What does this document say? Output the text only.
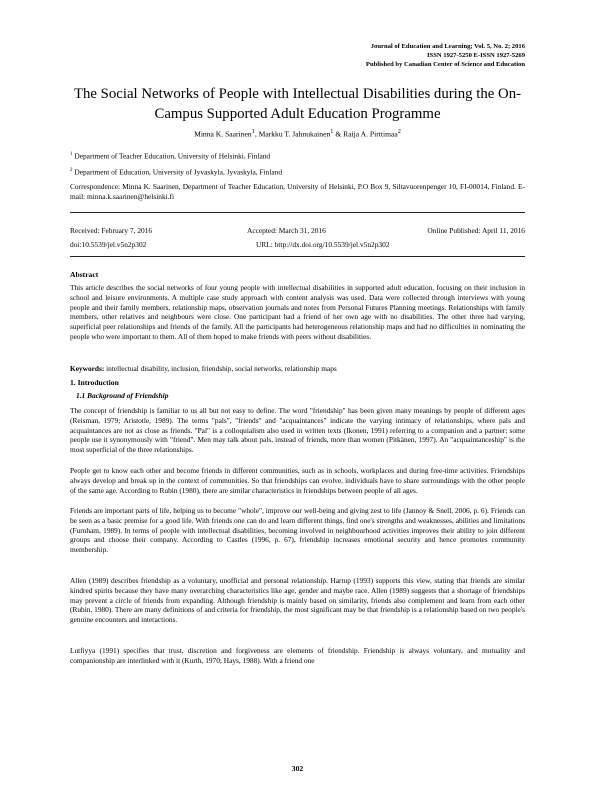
Journal of Education and Learning; Vol. 5, No. 2; 2016
ISSN 1927-5250 E-ISSN 1927-5269
Published by Canadian Center of Science and Education
The Social Networks of People with Intellectual Disabilities during the On-Campus Supported Adult Education Programme
Minna K. Saarinen$^1$, Markku T. Jahnukainen$^1$ & Raija A. Pirttimaa$^2$
$^1$ Department of Teacher Education, University of Helsinki, Finland
$^2$ Department of Education, University of Jyvaskyla, Jyvaskyla, Finland
Correspondence: Minna K. Saarinen, Department of Teacher Education, University of Helsinki, P.O Box 9, Siltavuorenpenger 10, FI-00014, Finland. E-mail: minna.k.saarinen@helsinki.fi
Received: February 7, 2016	Accepted: March 31, 2016	Online Published: April 11, 2016
doi:10.5539/jel.v5n2p302	URL: http://dx.doi.org/10.5539/jel.v5n2p302
Abstract
This article describes the social networks of four young people with intellectual disabilities in supported adult education, focusing on their inclusion in school and leisure environments. A multiple case study approach with content analysis was used. Data were collected through interviews with young people and their family members, relationship maps, observation journals and notes from Personal Futures Planning meetings. Relationships with family members, other relatives and neighbours were close. One participant had a friend of her own age with no disabilities. The other three had varying, superficial peer relationships and friends of the family. All the participants had heterogeneous relationship maps and had no difficulties in nominating the people who were important to them. All of them hoped to make friends with peers without disabilities.
Keywords: intellectual disability, inclusion, friendship, social networks, relationship maps
1. Introduction
1.1 Background of Friendship
The concept of friendship is familiar to us all but not easy to define. The word "friendship" has been given many meanings by people of different ages (Reisman, 1979; Aristotle, 1989). The terms "pals", "friends" and "acquaintances" indicate the varying intimacy of relationships, where pals and acquaintances are not as close as friends. "Pal" is a colloquialism also used in written texts (Ikonen, 1991) referring to a companion and a partner; some people use it synonymously with "friend". Men may talk about pals, instead of friends, more than women (Pitkänen, 1997). An "acquaintanceship" is the most superficial of the three relationships.
People get to know each other and become friends in different communities, such as in schools, workplaces and during free-time activities. Friendships always develop and break up in the context of communities. So that friendships can evolve, individuals have to share surroundings with the other people of the same age. According to Rubin (1980), there are similar characteristics in friendships between people of all ages.
Friends are important parts of life, helping us to become "whole", improve our well-being and giving zest to life (Jannoy & Snell, 2006, p. 6). Friends can be seen as a basic premise for a good life. With friends one can do and learn different things, find one's strengths and weaknesses, abilities and limitations (Furnham, 1989). In terms of people with intellectual disabilities, becoming involved in neighbourhood activities improves their ability to join different groups and choose their company. According to Castles (1996, p. 67), friendship increases emotional security and hence promotes community membership.
Allen (1989) describes friendship as a voluntary, unofficial and personal relationship. Hartup (1993) supports this view, stating that friends are similar kindred spirits because they have many overarching characteristics like age, gender and maybe race. Allen (1989) suggests that a shortage of friendships may prevent a circle of friends from expanding. Although friendship is mainly based on similarity, friends also complement and learn from each other (Rubin, 1980). There are many definitions of and criteria for friendship, the most significant may be that friendship is a relationship based on two people's genuine encounters and interactions.
Lutfiyya (1991) specifies that trust, discretion and forgiveness are elements of friendship. Friendship is always voluntary, and mutuality and companionship are interlinked with it (Kurth, 1970; Hays, 1988). With a friend one
302
